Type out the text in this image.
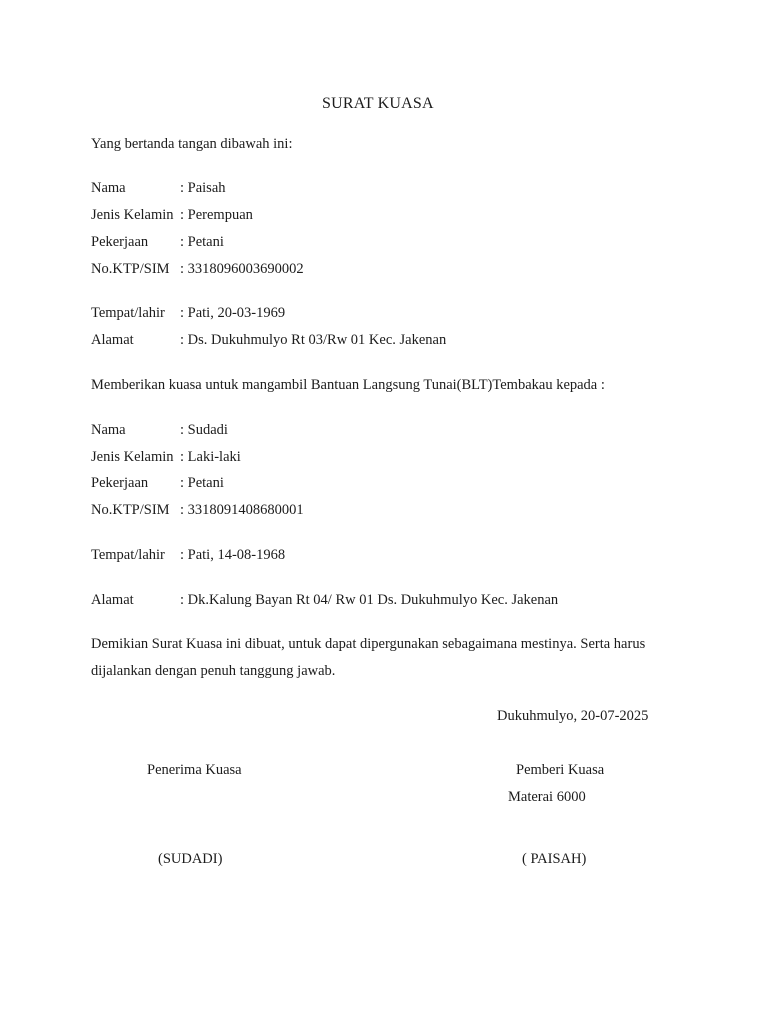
SURAT KUASA
Yang bertanda tangan dibawah ini:
Nama	: Paisah
Jenis Kelamin : Perempuan
Pekerjaan : Petani
No.KTP/SIM : 3318096003690002
Tempat/lahir : Pati, 20-03-1969
Alamat	: Ds. Dukuhmulyo Rt 03/Rw 01 Kec. Jakenan
Memberikan kuasa untuk mangambil Bantuan Langsung Tunai(BLT)Tembakau kepada :
Nama	: Sudadi
Jenis Kelamin : Laki-laki
Pekerjaan : Petani
No.KTP/SIM : 3318091408680001
Tempat/lahir : Pati, 14-08-1968
Alamat	: Dk.Kalung Bayan Rt 04/ Rw 01 Ds. Dukuhmulyo Kec. Jakenan
Demikian Surat Kuasa ini dibuat, untuk dapat dipergunakan sebagaimana mestinya. Serta harus
dijalankan dengan penuh tanggung jawab.
Dukuhmulyo, 20-07-2025
Penerima Kuasa	Pemberi Kuasa
Materai 6000
(SUDADI)	( PAISAH)
